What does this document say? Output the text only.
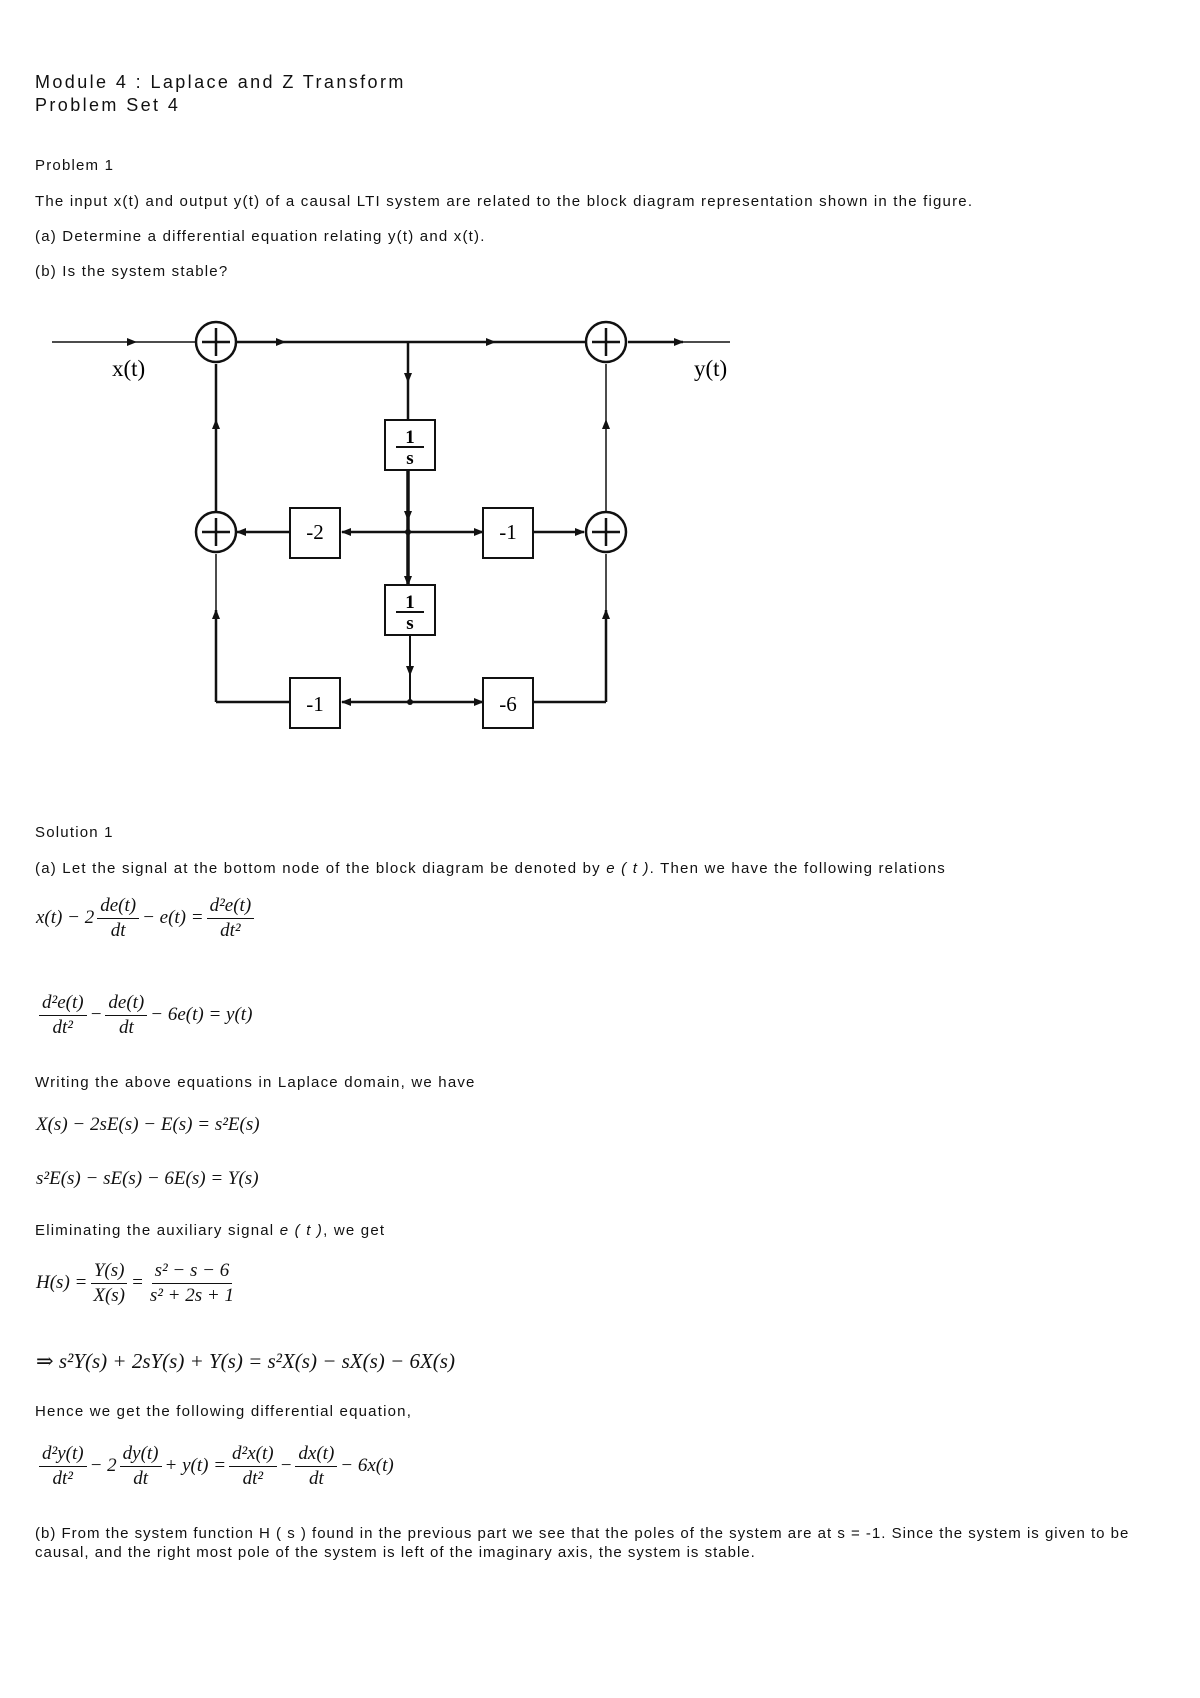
Module 4 : Laplace and Z Transform
Problem Set 4
Problem 1
The input x(t) and output y(t) of a causal LTI system are related to the block diagram representation shown in the figure.
(a) Determine a differential equation relating y(t) and x(t).
(b) Is the system stable?
1
s
1
s
-2	-1
-1	-6
x(t)	y(t)
Solution 1
(a) Let the signal at the bottom node of the block diagram be denoted by e ( t ). Then we have the following relations
$x(t) - 2 \frac{de(t)}{dt} - e(t) = \frac{\text{d²e(t)}}{\text{dt²}}$
$\frac{\text{d²e(t)}}{\text{dt²}} - \frac{de(t)}{dt} - 6e(t) = y(t)$
Writing the above equations in Laplace domain, we have
X(s) − 2sE(s) − E(s) = s²E(s)
s²E(s) − sE(s) − 6E(s) = Y(s)
Eliminating the auxiliary signal e ( t ), we get
$H(s) = \frac{Y(s)}{X(s)} = \frac{\text{s² − s − 6}}{\text{s² + 2s + 1}}$
⇒ s²Y(s) + 2sY(s) + Y(s) = s²X(s) − sX(s) − 6X(s)
Hence we get the following differential equation,
$\frac{\text{d²y(t)}}{\text{dt²}} - 2 \frac{dy(t)}{dt} + y(t) = \frac{\text{d²x(t)}}{\text{dt²}} - \frac{dx(t)}{dt} - 6x(t)$
(b) From the system function H ( s ) found in the previous part we see that the poles of the system are at s = -1. Since the system is given to be causal, and the right most pole of the system is left of the imaginary axis, the system is stable.
